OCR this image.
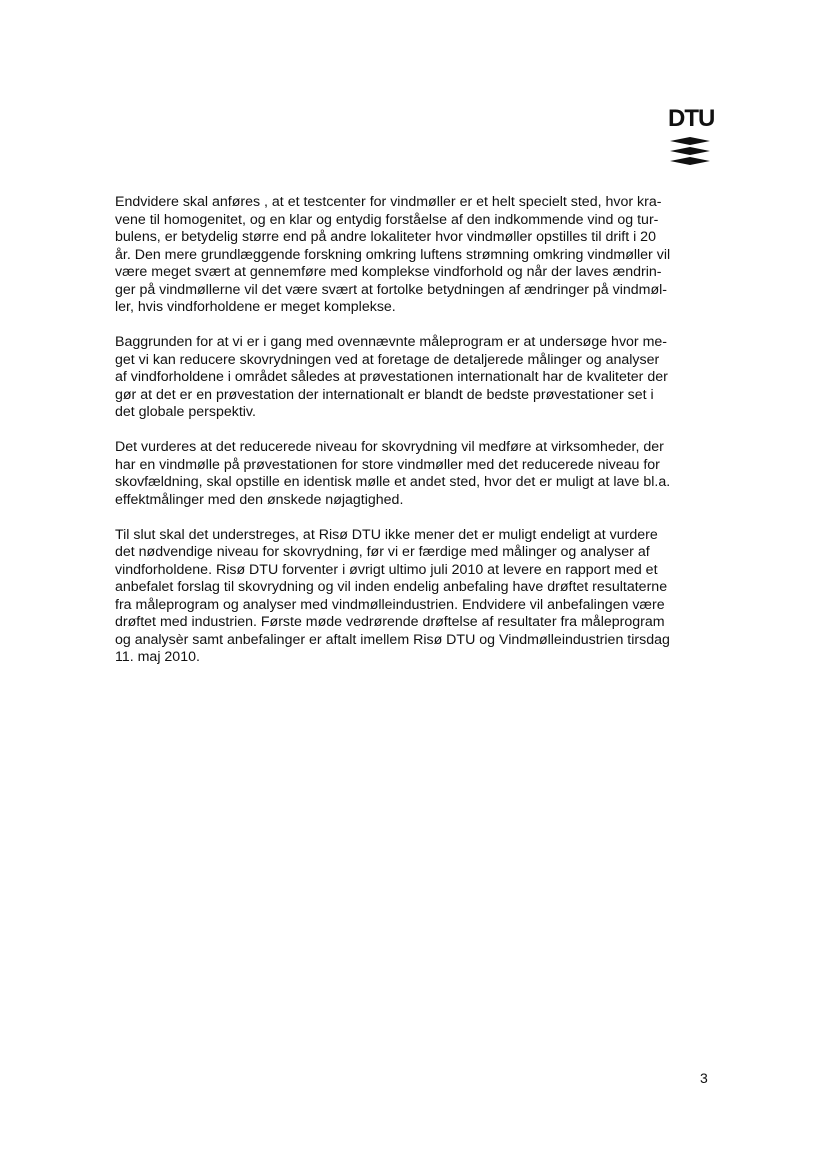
DTU

Endvidere skal anføres , at et testcenter for vindmøller er et helt specielt sted, hvor kra-
vene til homogenitet, og en klar og entydig forståelse af den indkommende vind og tur-
bulens, er betydelig større end på andre lokaliteter hvor vindmøller opstilles til drift i 20
år. Den mere grundlæggende forskning omkring luftens strømning omkring vindmøller vil
være meget svært at gennemføre med komplekse vindforhold og når der laves ændrin-
ger på vindmøllerne vil det være svært at fortolke betydningen af ændringer på vindmøl-
ler, hvis vindforholdene er meget komplekse.

Baggrunden for at vi er i gang med ovennævnte måleprogram er at undersøge hvor me-
get vi kan reducere skovrydningen ved at foretage de detaljerede målinger og analyser
af vindforholdene i området således at prøvestationen internationalt har de kvaliteter der
gør at det er en prøvestation der internationalt er blandt de bedste prøvestationer set i
det globale perspektiv.

Det vurderes at det reducerede niveau for skovrydning vil medføre at virksomheder, der
har en vindmølle på prøvestationen for store vindmøller med det reducerede niveau for
skovfældning, skal opstille en identisk mølle et andet sted, hvor det er muligt at lave bl.a.
effektmålinger med den ønskede nøjagtighed.

Til slut skal det understreges, at Risø DTU ikke mener det er muligt endeligt at vurdere
det nødvendige niveau for skovrydning, før vi er færdige med målinger og analyser af
vindforholdene. Risø DTU forventer i øvrigt ultimo juli 2010 at levere en rapport med et
anbefalet forslag til skovrydning og vil inden endelig anbefaling have drøftet resultaterne
fra måleprogram og analyser med vindmølleindustrien. Endvidere vil anbefalingen være
drøftet med industrien. Første møde vedrørende drøftelse af resultater fra måleprogram
og analysèr samt anbefalinger er aftalt imellem Risø DTU og Vindmølleindustrien tirsdag
11. maj 2010.

3
